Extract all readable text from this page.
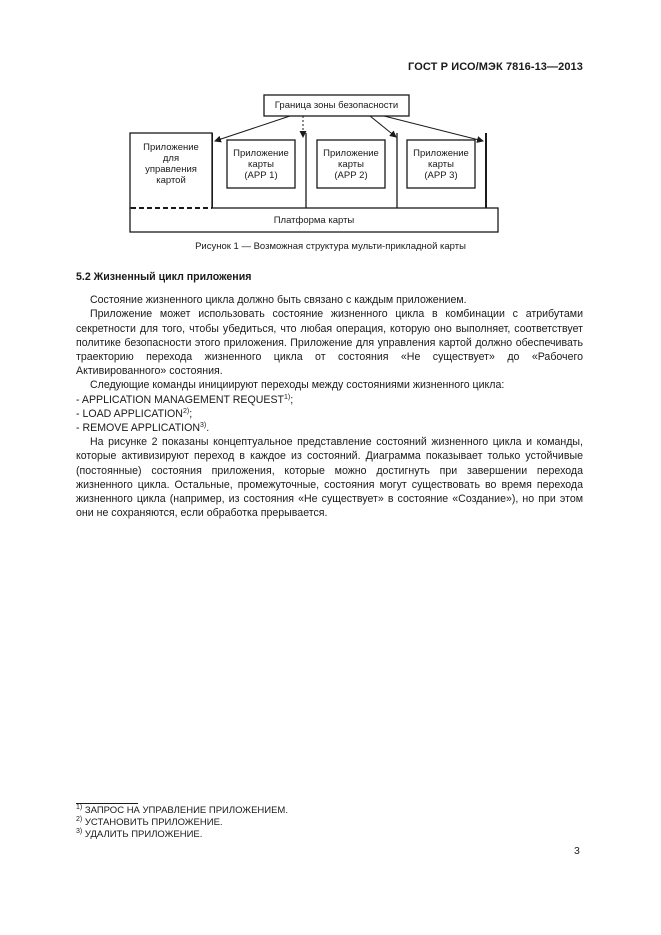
ГОСТ Р ИСО/МЭК 7816-13—2013
Граница зоны безопасности
Приложение
для
управления
картой
Приложение
карты
(АРР 1)
Приложение
карты
(АРР 2)
Приложение
карты
(АРР 3)
Платформа карты
Рисунок 1 — Возможная структура мульти-прикладной карты

5.2 Жизненный цикл приложения

Состояние жизненного цикла должно быть связано с каждым приложением.

Приложение может использовать состояние жизненного цикла в комбинации с атрибутами секретности для того, чтобы убедиться, что любая операция, которую оно выполняет, соответствует политике безопасности этого приложения. Приложение для управления картой должно обеспечивать траекторию перехода жизненного цикла от состояния «Не существует» до «Рабочего Активированного» состояния.

Следующие команды инициируют переходы между состояниями жизненного цикла:

- APPLICATION MANAGEMENT REQUEST$^{1)}$;

- LOAD APPLICATION$^{2)}$;

- REMOVE APPLICATION$^{3)}$.

На рисунке 2 показаны концептуальное представление состояний жизненного цикла и команды, которые активизируют переход в каждое из состояний. Диаграмма показывает только устойчивые (постоянные) состояния приложения, которые можно достигнуть при завершении перехода жизненного цикла. Остальные, промежуточные, состояния могут существовать во время перехода жизненного цикла (например, из состояния «Не существует» в состояние «Создание»), но при этом они не сохраняются, если обработка прерывается.

$^{1)}$ ЗАПРОС НА УПРАВЛЕНИЕ ПРИЛОЖЕНИЕМ.
$^{2)}$ УСТАНОВИТЬ ПРИЛОЖЕНИЕ.
$^{3)}$ УДАЛИТЬ ПРИЛОЖЕНИЕ.
3
